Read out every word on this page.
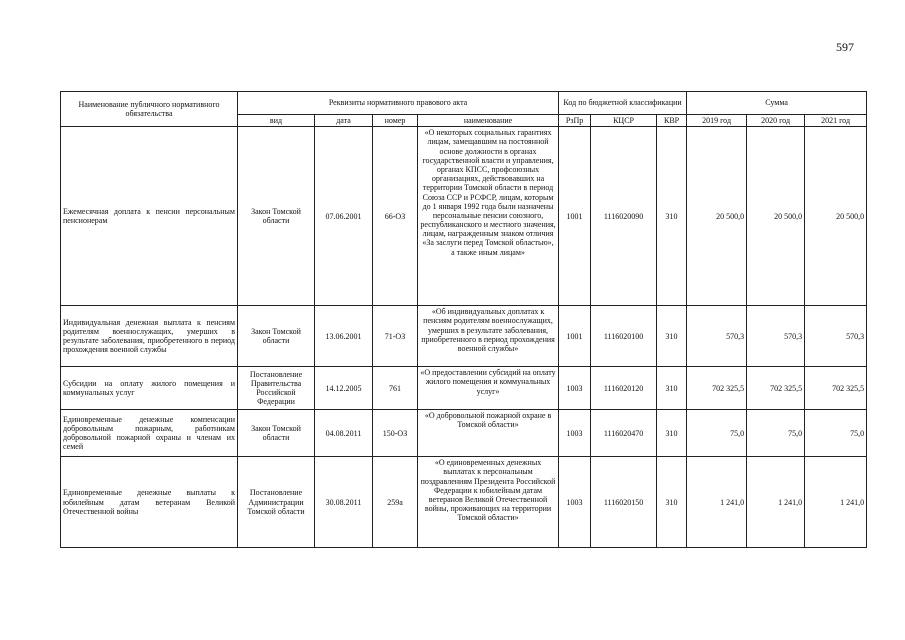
597
Наименование публичного нормативного обязательства	Реквизиты нормативного правового акта				Код по бюджетной классификации			Сумма		
	вид	дата	номер	наименование	РзПр	КЦСР	КВР	2019 год	2020 год	2021 год
Ежемесячная доплата к пенсии персональным пенсионерам	Закон Томской области	07.06.2001	66-ОЗ	«О некоторых социальных гарантиях лицам, замещавшим на постоянной основе должности в органах государственной власти и управления, органах КПСС, профсоюзных организациях, действовавших на территории Томской области в период Союза ССР и РСФСР, лицам, которым до 1 января 1992 года были назначены персональные пенсии союзного, республиканского и местного значения, лицам, награжденным знаком отличия «За заслуги перед Томской областью», а также иным лицам»	1001	1116020090	310	20 500,0	20 500,0	20 500,0
Индивидуальная денежная выплата к пенсиям родителям военнослужащих, умерших в результате заболевания, приобретенного в период прохождения военной службы	Закон Томской области	13.06.2001	71-ОЗ	«Об индивидуальных доплатах к пенсиям родителям военнослужащих, умерших в результате заболевания, приобретенного в период прохождения военной службы»	1001	1116020100	310	570,3	570,3	570,3
Субсидии на оплату жилого помещения и коммунальных услуг	Постановление Правительства Российской Федерации	14.12.2005	761	«О предоставлении субсидий на оплату жилого помещения и коммунальных услуг»	1003	1116020120	310	702 325,5	702 325,5	702 325,5
Единовременные денежные компенсации добровольным пожарным, работникам добровольной пожарной охраны и членам их семей	Закон Томской области	04.08.2011	150-ОЗ	«О добровольной пожарной охране в Томской области»	1003	1116020470	310	75,0	75,0	75,0
Единовременные денежные выплаты к юбилейным датам ветеранам Великой Отечественной войны	Постановление Администрации Томской области	30.08.2011	259а	«О единовременных денежных выплатах к персональным поздравлениям Президента Российской Федерации к юбилейным датам ветеранов Великой Отечественной войны, проживающих на территории Томской области»	1003	1116020150	310	1 241,0	1 241,0	1 241,0
